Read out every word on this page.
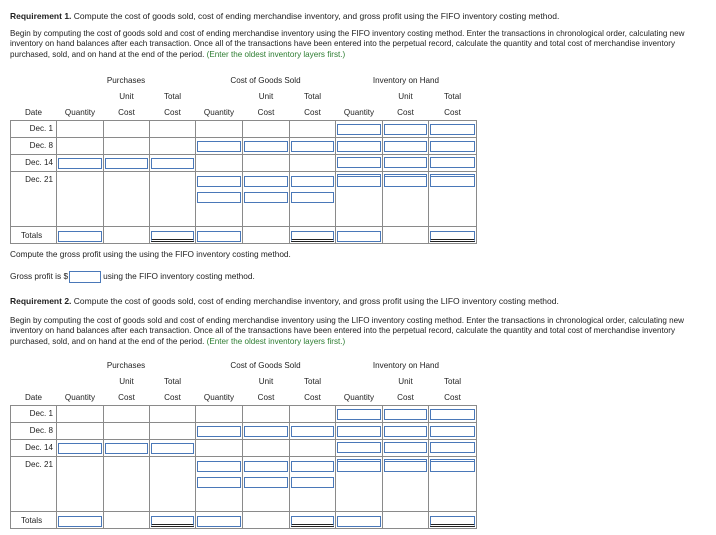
Requirement 1. Compute the cost of goods sold, cost of ending merchandise inventory, and gross profit using the FIFO inventory costing method.
Begin by computing the cost of goods sold and cost of ending merchandise inventory using the FIFO inventory costing method. Enter the transactions in chronological order, calculating new inventory on hand balances after each transaction. Once all of the transactions have been entered into the perpetual record, calculate the quantity and total cost of merchandise inventory purchased, sold, and on hand at the end of the period. (Enter the oldest inventory layers first.)
	Purchases			Cost of Goods Sold			Inventory on Hand		
		Unit	Total		Unit	Total		Unit	Total
Date	Quantity	Cost	Cost	Quantity	Cost	Cost	Quantity	Cost	Cost

Dec. 1									

Dec. 8									

Dec. 14									

Dec. 21									

Totals	

Compute the gross profit using the using the FIFO inventory costing method.
Gross profit is $	using the FIFO inventory costing method.
Requirement 2. Compute the cost of goods sold, cost of ending merchandise inventory, and gross profit using the LIFO inventory costing method.
Begin by computing the cost of goods sold and cost of ending merchandise inventory using the LIFO inventory costing method. Enter the transactions in chronological order, calculating new inventory on hand balances after each transaction. Once all of the transactions have been entered into the perpetual record, calculate the quantity and total cost of merchandise inventory purchased, sold, and on hand at the end of the period. (Enter the oldest inventory layers first.)
	Purchases			Cost of Goods Sold			Inventory on Hand		
		Unit	Total		Unit	Total		Unit	Total
Date	Quantity	Cost	Cost	Quantity	Cost	Cost	Quantity	Cost	Cost

Dec. 1									

Dec. 8									

Dec. 14									

Dec. 21									

Totals	
